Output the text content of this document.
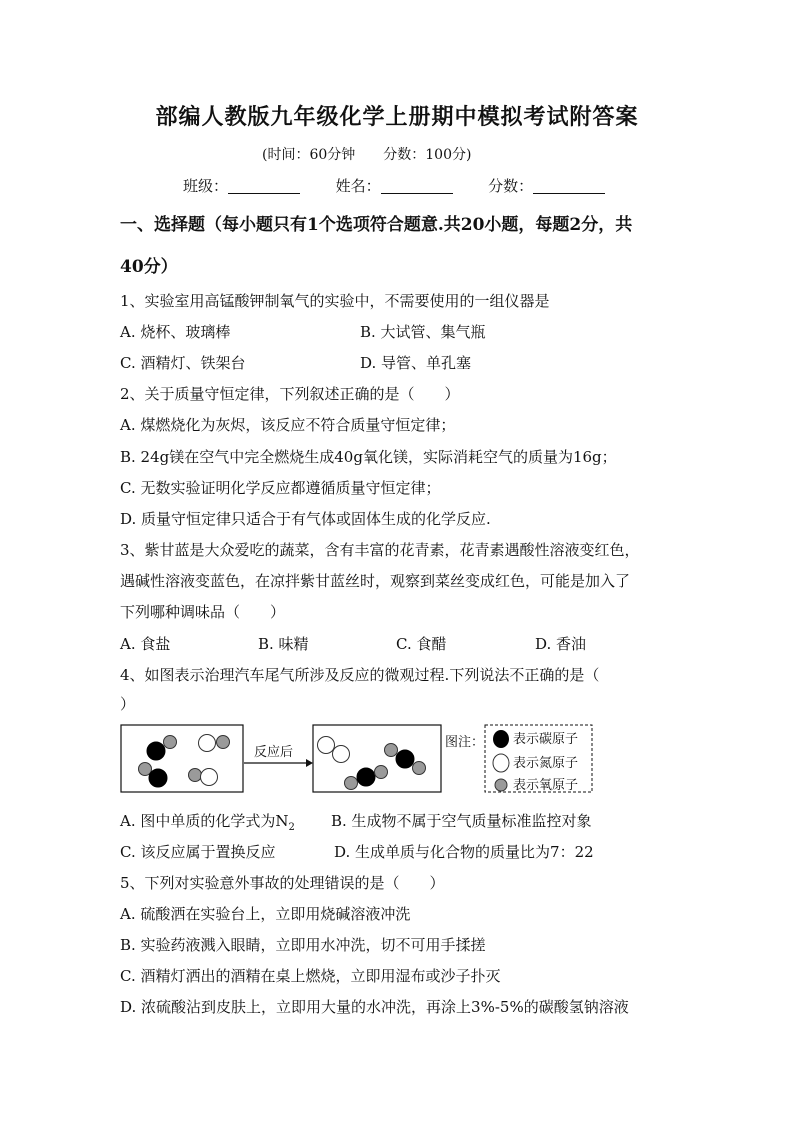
部编人教版九年级化学上册期中模拟考试附答案
(时间：60分钟　　分数：100分)
班级：	姓名：	分数：
一、选择题（每小题只有1个选项符合题意.共20小题，每题2分，共
40分）
1、实验室用高锰酸钾制氧气的实验中，不需要使用的一组仪器是
A. 烧杯、玻璃棒	B. 大试管、集气瓶
C. 酒精灯、铁架台	D. 导管、单孔塞
2、关于质量守恒定律，下列叙述正确的是（　　）
A. 煤燃烧化为灰烬，该反应不符合质量守恒定律；
B. 24g镁在空气中完全燃烧生成40g氧化镁，实际消耗空气的质量为16g；
C. 无数实验证明化学反应都遵循质量守恒定律；
D. 质量守恒定律只适合于有气体或固体生成的化学反应.
3、紫甘蓝是大众爱吃的蔬菜，含有丰富的花青素，花青素遇酸性溶液变红色，
遇碱性溶液变蓝色，在凉拌紫甘蓝丝时，观察到菜丝变成红色，可能是加入了
下列哪种调味品（　　）
A. 食盐	B. 味精	C. 食醋	D. 香油
4、如图表示治理汽车尾气所涉及反应的微观过程.下列说法不正确的是（
）
反应后
图注： 表示碳原子
表示氮原子
表示氧原子
A. 图中单质的化学式为$N_2$ B. 生成物不属于空气质量标准监控对象
C. 该反应属于置换反应	D. 生成单质与化合物的质量比为7：22
5、下列对实验意外事故的处理错误的是（　　）
A. 硫酸洒在实验台上，立即用烧碱溶液冲洗
B. 实验药液溅入眼睛，立即用水冲洗，切不可用手揉搓
C. 酒精灯洒出的酒精在桌上燃烧，立即用湿布或沙子扑灭
D. 浓硫酸沾到皮肤上，立即用大量的水冲洗，再涂上3%-5%的碳酸氢钠溶液
